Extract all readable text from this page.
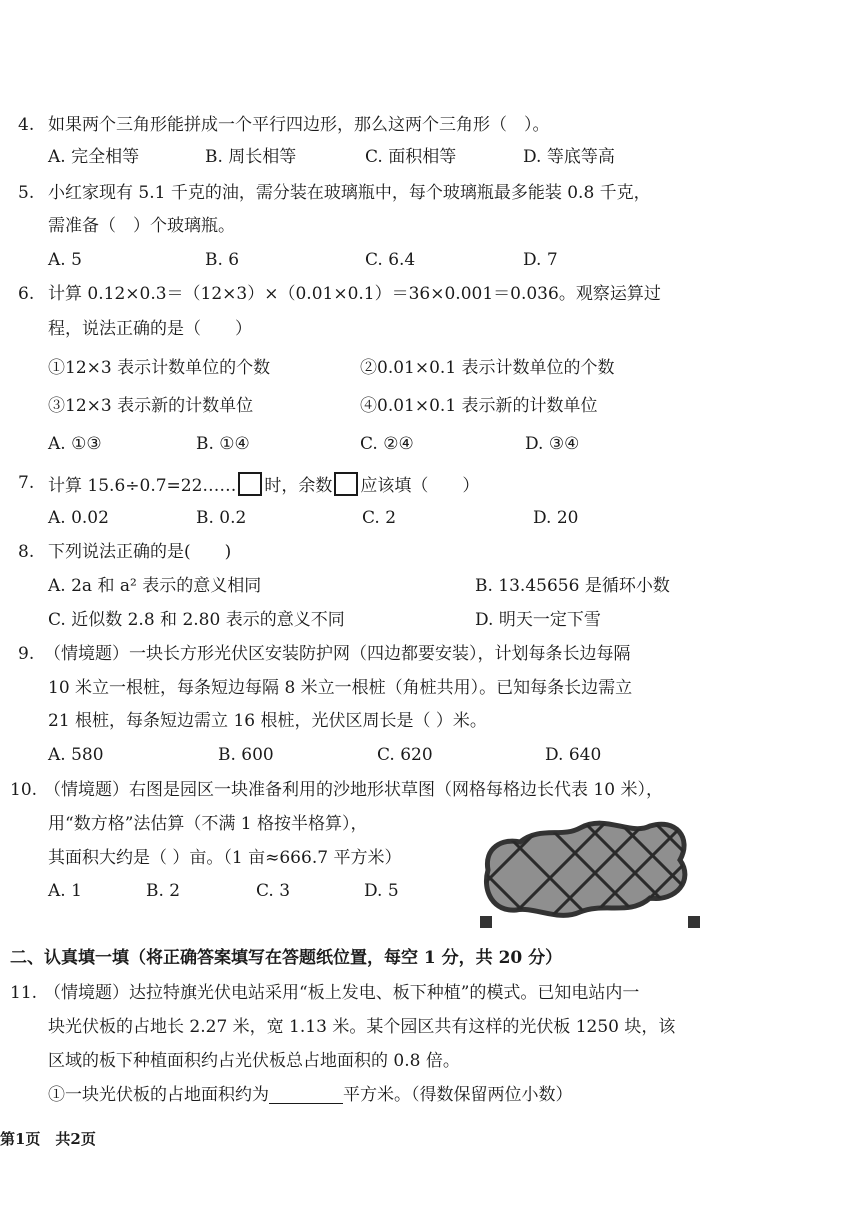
4. 如果两个三角形能拼成一个平行四边形，那么这两个三角形（　）。
A. 完全相等	B. 周长相等	C. 面积相等	D. 等底等高
5. 小红家现有 5.1 千克的油，需分装在玻璃瓶中，每个玻璃瓶最多能装 0.8 千克，
需准备（　）个玻璃瓶。
A. 5	B. 6	C. 6.4	D. 7
6. 计算 0.12×0.3＝（12×3）×（0.01×0.1）＝36×0.001＝0.036。观察运算过
程，说法正确的是（　　）
①12×3 表示计数单位的个数	②0.01×0.1 表示计数单位的个数
③12×3 表示新的计数单位	④0.01×0.1 表示新的计数单位
A. ①③	B. ①④	C. ②④	D. ③④
7. 计算 15.6÷0.7=22…… 时，余数 应该填（　　）
A. 0.02	B. 0.2	C. 2	D. 20
8. 下列说法正确的是(　　)
A. 2a 和 a² 表示的意义相同	B. 13.45656 是循环小数
C. 近似数 2.8 和 2.80 表示的意义不同	D. 明天一定下雪
9. （情境题）一块长方形光伏区安装防护网（四边都要安装），计划每条长边每隔
10 米立一根桩，每条短边每隔 8 米立一根桩（角桩共用）。已知每条长边需立
21 根桩，每条短边需立 16 根桩，光伏区周长是（ ）米。
A. 580	B. 600	C. 620	D. 640
10. （情境题）右图是园区一块准备利用的沙地形状草图（网格每格边长代表 10 米），
用“数方格”法估算（不满 1 格按半格算），
其面积大约是（ ）亩。（1 亩≈666.7 平方米）
A. 1	B. 2	C. 3	D. 5
二、认真填一填（将正确答案填写在答题纸位置，每空 1 分，共 20 分）
11. （情境题）达拉特旗光伏电站采用“板上发电、板下种植”的模式。已知电站内一
块光伏板的占地长 2.27 米，宽 1.13 米。某个园区共有这样的光伏板 1250 块，该
区域的板下种植面积约占光伏板总占地面积的 0.8 倍。
①一块光伏板的占地面积约为	平方米。（得数保留两位小数）
第1页　共2页
